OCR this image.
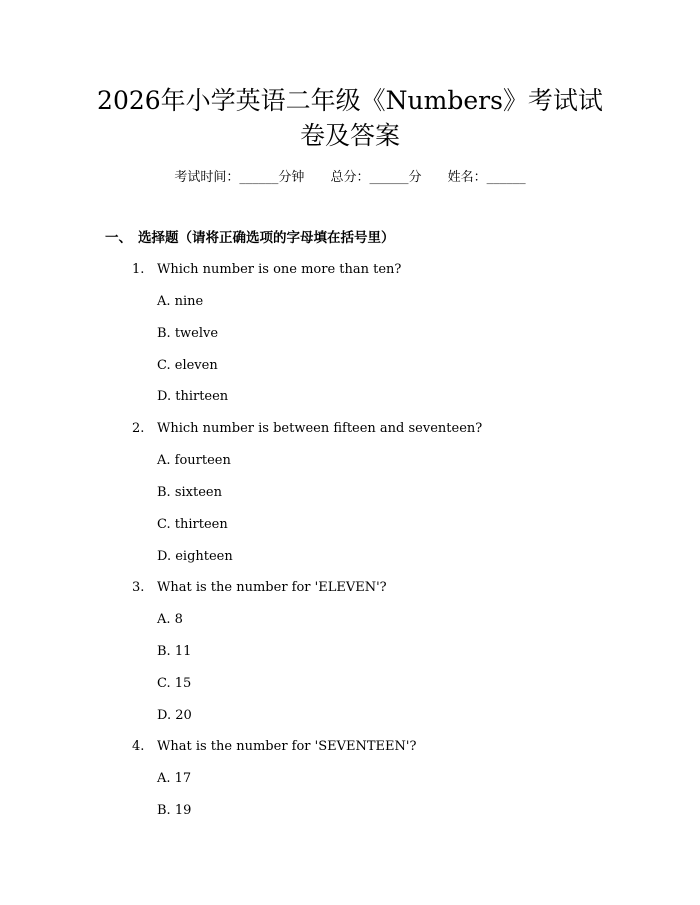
2026年小学英语二年级《Numbers》考试试
卷及答案
考试时间：______分钟 总分：______分 姓名：______
一、 选择题（请将正确选项的字母填在括号里）
1. Which number is one more than ten?
A. nine
B. twelve
C. eleven
D. thirteen
2. Which number is between fifteen and seventeen?
A. fourteen
B. sixteen
C. thirteen
D. eighteen
3. What is the number for 'ELEVEN'?
A. 8
B. 11
C. 15
D. 20
4. What is the number for 'SEVENTEEN'?
A. 17
B. 19
